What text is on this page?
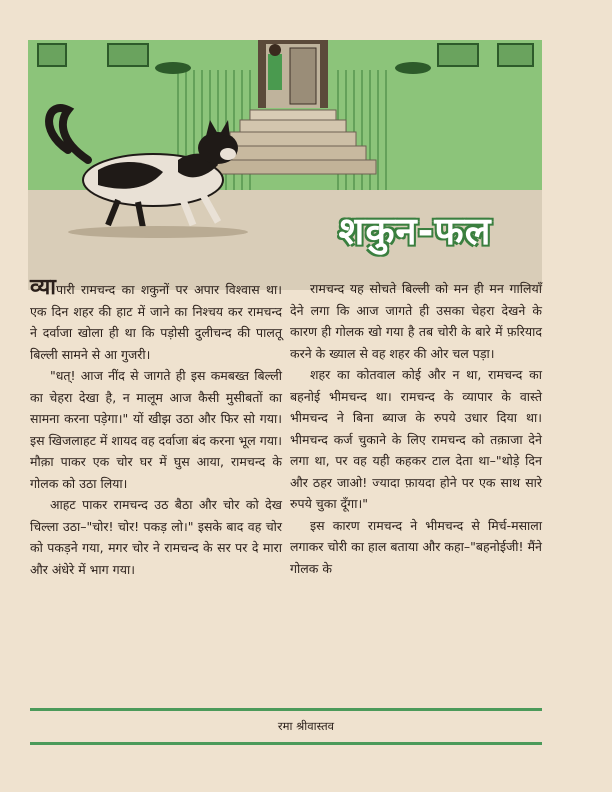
शकुन-फल

व्यापारी रामचन्द का शकुनों पर अपार विश्वास था। एक दिन शहर की हाट में जाने का निश्चय कर रामचन्द ने दर्वाजा खोला ही था कि पड़ोसी दुलीचन्द की पालतू बिल्ली सामने से आ गुजरी।

"धत्! आज नींद से जागते ही इस कमबख्त बिल्ली का चेहरा देखा है, न मालूम आज कैसी मुसीबतों का सामना करना पड़ेगा।" यों खीझ उठा और फिर सो गया। इस खिजलाहट में शायद वह दर्वाजा बंद करना भूल गया। मौक़ा पाकर एक चोर घर में घुस आया, रामचन्द के गोलक को उठा लिया।

आहट पाकर रामचन्द उठ बैठा और चोर को देख चिल्ला उठा–"चोर! चोर! पकड़ लो।" इसके बाद वह चोर को पकड़ने गया, मगर चोर ने रामचन्द के सर पर दे मारा और अंधेरे में भाग गया।

रामचन्द यह सोचते बिल्ली को मन ही मन गालियाँ देने लगा कि आज जागते ही उसका चेहरा देखने के कारण ही गोलक खो गया है तब चोरी के बारे में फ़रियाद करने के ख्याल से वह शहर की ओर चल पड़ा।

शहर का कोतवाल कोई और न था, रामचन्द का बहनोई भीमचन्द था। रामचन्द के व्यापार के वास्ते भीमचन्द ने बिना ब्याज के रुपये उधार दिया था। भीमचन्द कर्ज चुकाने के लिए रामचन्द को तक़ाजा देने लगा था, पर वह यही कहकर टाल देता था–"थोड़े दिन और ठहर जाओ! ज्यादा फ़ायदा होने पर एक साथ सारे रुपये चुका दूँगा।"

इस कारण रामचन्द ने भीमचन्द से मिर्च-मसाला लगाकर चोरी का हाल बताया और कहा–"बहनोईजी! मैंने गोलक के

रमा श्रीवास्तव
